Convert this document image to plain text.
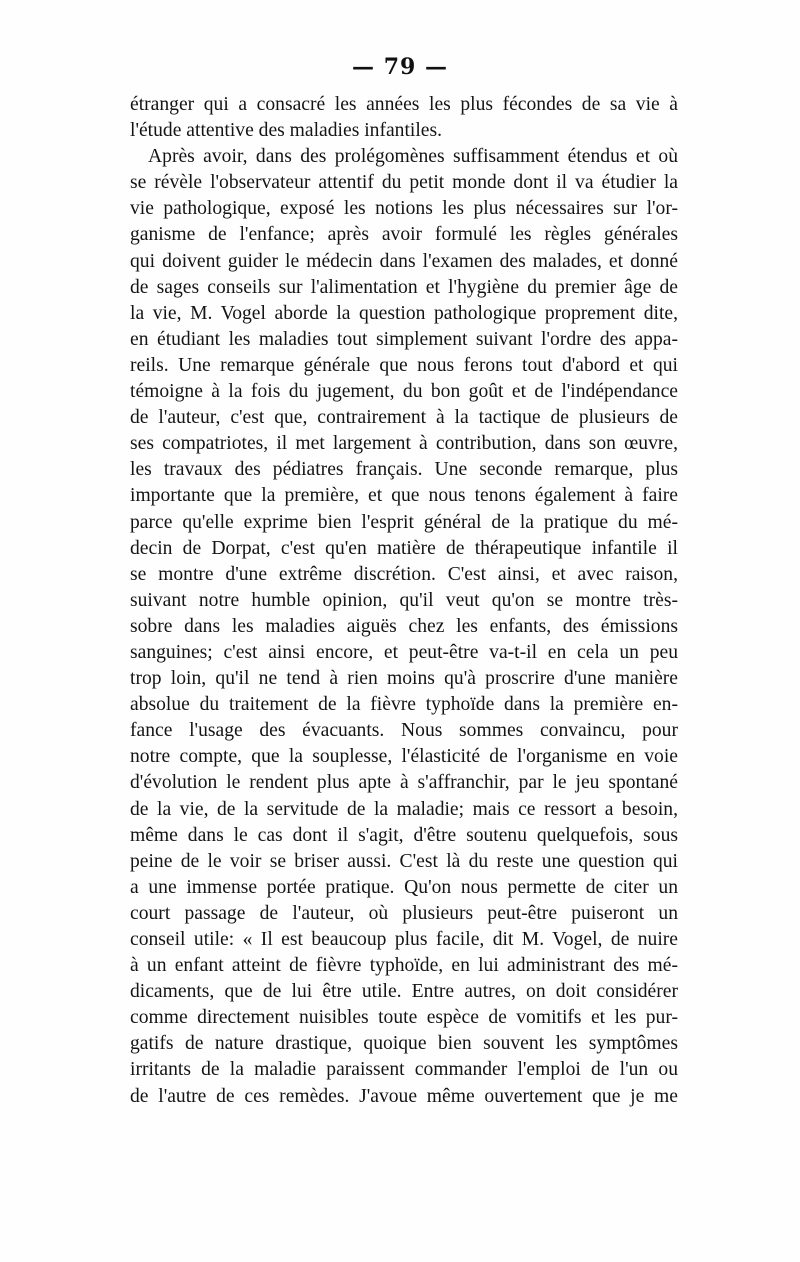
— 79 —
étranger qui a consacré les années les plus fécondes de sa vie à
l'étude attentive des maladies infantiles.
Après avoir, dans des prolégomènes suffisamment étendus et où
se révèle l'observateur attentif du petit monde dont il va étudier la
vie pathologique, exposé les notions les plus nécessaires sur l'or-
ganisme de l'enfance; après avoir formulé les règles générales
qui doivent guider le médecin dans l'examen des malades, et donné
de sages conseils sur l'alimentation et l'hygiène du premier âge de
la vie, M. Vogel aborde la question pathologique proprement dite,
en étudiant les maladies tout simplement suivant l'ordre des appa-
reils. Une remarque générale que nous ferons tout d'abord et qui
témoigne à la fois du jugement, du bon goût et de l'indépendance
de l'auteur, c'est que, contrairement à la tactique de plusieurs de
ses compatriotes, il met largement à contribution, dans son œuvre,
les travaux des pédiatres français. Une seconde remarque, plus
importante que la première, et que nous tenons également à faire
parce qu'elle exprime bien l'esprit général de la pratique du mé-
decin de Dorpat, c'est qu'en matière de thérapeutique infantile il
se montre d'une extrême discrétion. C'est ainsi, et avec raison,
suivant notre humble opinion, qu'il veut qu'on se montre très-
sobre dans les maladies aiguës chez les enfants, des émissions
sanguines; c'est ainsi encore, et peut-être va-t-il en cela un peu
trop loin, qu'il ne tend à rien moins qu'à proscrire d'une manière
absolue du traitement de la fièvre typhoïde dans la première en-
fance l'usage des évacuants. Nous sommes convaincu, pour
notre compte, que la souplesse, l'élasticité de l'organisme en voie
d'évolution le rendent plus apte à s'affranchir, par le jeu spontané
de la vie, de la servitude de la maladie; mais ce ressort a besoin,
même dans le cas dont il s'agit, d'être soutenu quelquefois, sous
peine de le voir se briser aussi. C'est là du reste une question qui
a une immense portée pratique. Qu'on nous permette de citer un
court passage de l'auteur, où plusieurs peut-être puiseront un
conseil utile: « Il est beaucoup plus facile, dit M. Vogel, de nuire
à un enfant atteint de fièvre typhoïde, en lui administrant des mé-
dicaments, que de lui être utile. Entre autres, on doit considérer
comme directement nuisibles toute espèce de vomitifs et les pur-
gatifs de nature drastique, quoique bien souvent les symptômes
irritants de la maladie paraissent commander l'emploi de l'un ou
de l'autre de ces remèdes. J'avoue même ouvertement que je me
